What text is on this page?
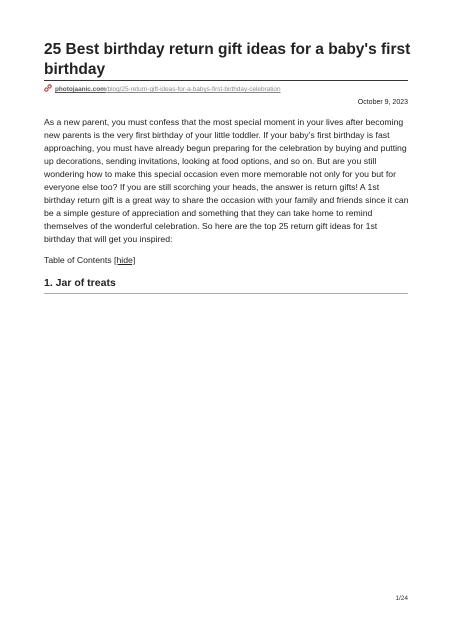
25 Best birthday return gift ideas for a baby's first birthday
photojaanic.com/blog/25-return-gift-ideas-for-a-babys-first-birthday-celebration
October 9, 2023

As a new parent, you must confess that the most special moment in your lives after becoming new parents is the very first birthday of your little toddler. If your baby’s first birthday is fast approaching, you must have already begun preparing for the celebration by buying and putting up decorations, sending invitations, looking at food options, and so on. But are you still wondering how to make this special occasion even more memorable not only for you but for everyone else too? If you are still scorching your heads, the answer is return gifts! A 1st birthday return gift is a great way to share the occasion with your family and friends since it can be a simple gesture of appreciation and something that they can take home to remind themselves of the wonderful celebration. So here are the top 25 return gift ideas for 1st birthday that will get you inspired:

Table of Contents [hide]

1. Jar of treats
1/24
